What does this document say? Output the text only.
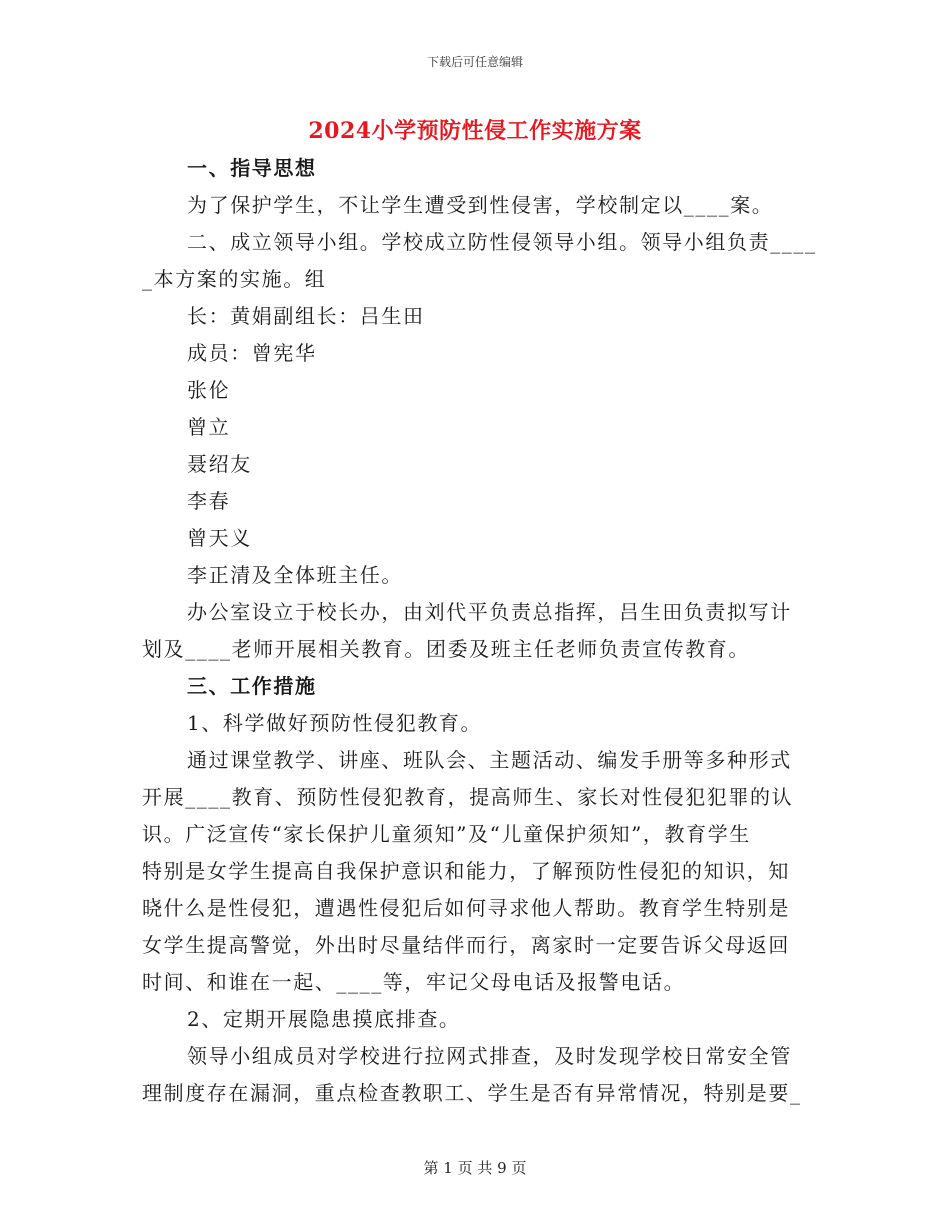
下载后可任意编辑
2024小学预防性侵工作实施方案
一、指导思想
为了保护学生，不让学生遭受到性侵害，学校制定以____案。
二、成立领导小组。学校成立防性侵领导小组。领导小组负责____
_本方案的实施。组
长：黄娟副组长：吕生田
成员：曾宪华
张伦
曾立
聂绍友
李春
曾天义
李正清及全体班主任。
办公室设立于校长办，由刘代平负责总指挥，吕生田负责拟写计
划及____老师开展相关教育。团委及班主任老师负责宣传教育。
三、工作措施
1、科学做好预防性侵犯教育。
通过课堂教学、讲座、班队会、主题活动、编发手册等多种形式
开展____教育、预防性侵犯教育，提高师生、家长对性侵犯犯罪的认
识。广泛宣传“家长保护儿童须知”及“儿童保护须知”，教育学生
特别是女学生提高自我保护意识和能力，了解预防性侵犯的知识，知
晓什么是性侵犯，遭遇性侵犯后如何寻求他人帮助。教育学生特别是
女学生提高警觉，外出时尽量结伴而行，离家时一定要告诉父母返回
时间、和谁在一起、____等，牢记父母电话及报警电话。
2、定期开展隐患摸底排查。
领导小组成员对学校进行拉网式排查，及时发现学校日常安全管
理制度存在漏洞，重点检查教职工、学生是否有异常情况，特别是要_
第 1 页 共 9 页
